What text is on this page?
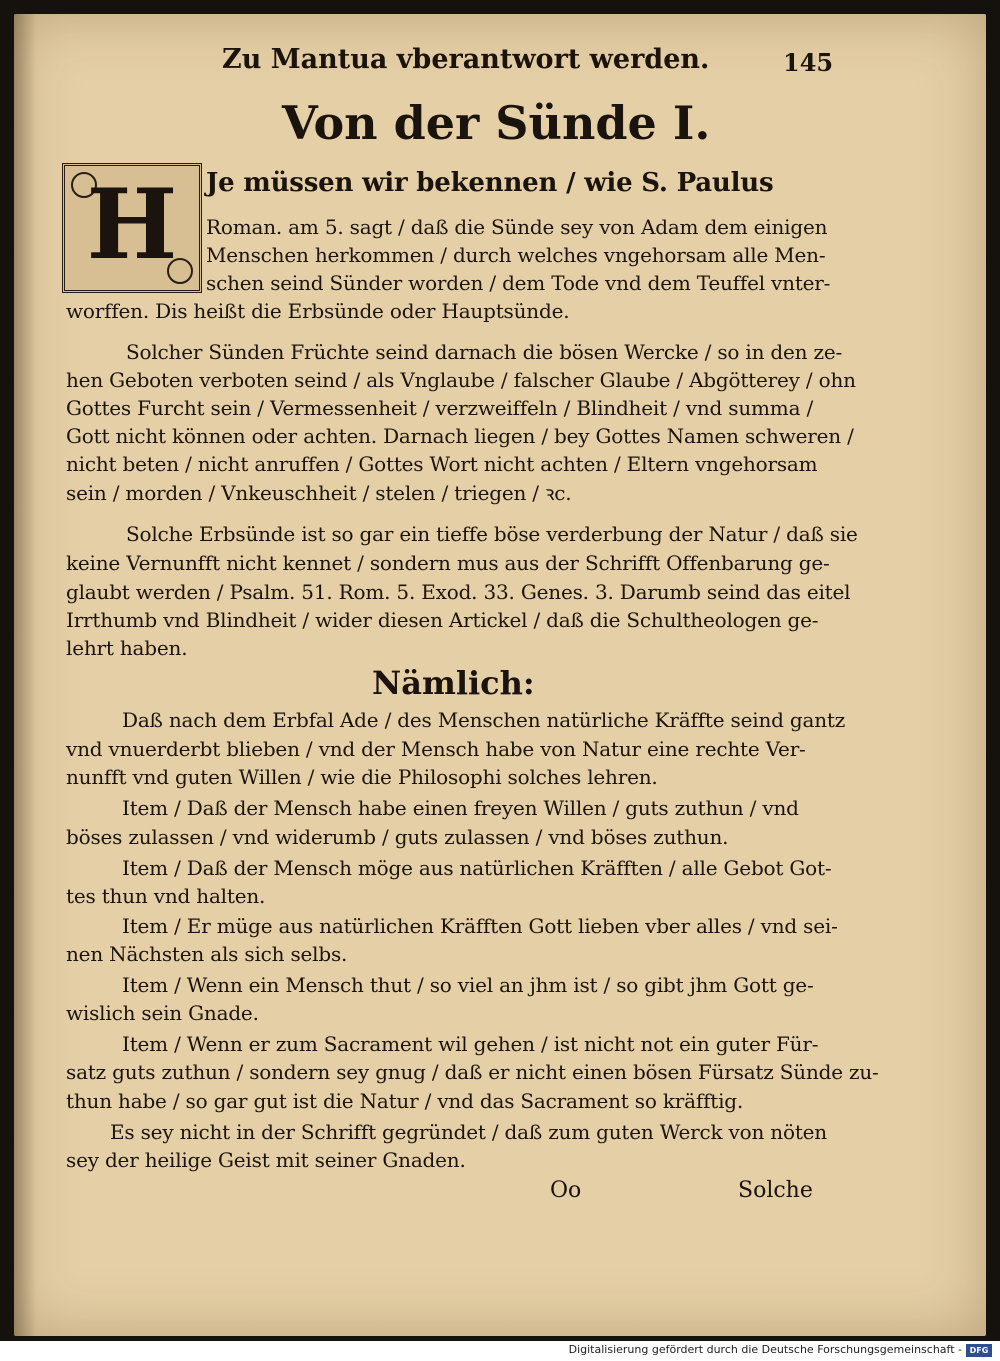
Zu Mantua vberantwort werden.	145
Von der Sünde I.
H	Je müssen wir bekennen / wie S. Paulus
Roman. am 5. sagt / daß die Sünde sey von Adam dem einigen
Menschen herkommen / durch welches vngehorsam alle Men-
schen seind Sünder worden / dem Tode vnd dem Teuffel vnter-
worffen. Dis heißt die Erbsünde oder Hauptsünde.
Solcher Sünden Früchte seind darnach die bösen Wercke / so in den ze-
hen Geboten verboten seind / als Vnglaube / falscher Glaube / Abgötterey / ohn
Gottes Furcht sein / Vermessenheit / verzweiffeln / Blindheit / vnd summa /
Gott nicht können oder achten. Darnach liegen / bey Gottes Namen schweren /
nicht beten / nicht anruffen / Gottes Wort nicht achten / Eltern vngehorsam
sein / morden / Vnkeuschheit / stelen / triegen / ꝛc.
Solche Erbsünde ist so gar ein tieffe böse verderbung der Natur / daß sie
keine Vernunfft nicht kennet / sondern mus aus der Schrifft Offenbarung ge-
glaubt werden / Psalm. 51. Rom. 5. Exod. 33. Genes. 3. Darumb seind das eitel
Irrthumb vnd Blindheit / wider diesen Artickel / daß die Schultheologen ge-
lehrt haben.
Nämlich:
Daß nach dem Erbfal Ade / des Menschen natürliche Kräffte seind gantz
vnd vnuerderbt blieben / vnd der Mensch habe von Natur eine rechte Ver-
nunfft vnd guten Willen / wie die Philosophi solches lehren.
Item / Daß der Mensch habe einen freyen Willen / guts zuthun / vnd
böses zulassen / vnd widerumb / guts zulassen / vnd böses zuthun.
Item / Daß der Mensch möge aus natürlichen Kräfften / alle Gebot Got-
tes thun vnd halten.
Item / Er müge aus natürlichen Kräfften Gott lieben vber alles / vnd sei-
nen Nächsten als sich selbs.
Item / Wenn ein Mensch thut / so viel an jhm ist / so gibt jhm Gott ge-
wislich sein Gnade.
Item / Wenn er zum Sacrament wil gehen / ist nicht not ein guter Für-
satz guts zuthun / sondern sey gnug / daß er nicht einen bösen Fürsatz Sünde zu-
thun habe / so gar gut ist die Natur / vnd das Sacrament so kräfftig.
Es sey nicht in der Schrifft gegründet / daß zum guten Werck von nöten
sey der heilige Geist mit seiner Gnaden.
Oo	Solche
Digitalisierung gefördert durch die Deutsche Forschungsgemeinschaft - DFG
